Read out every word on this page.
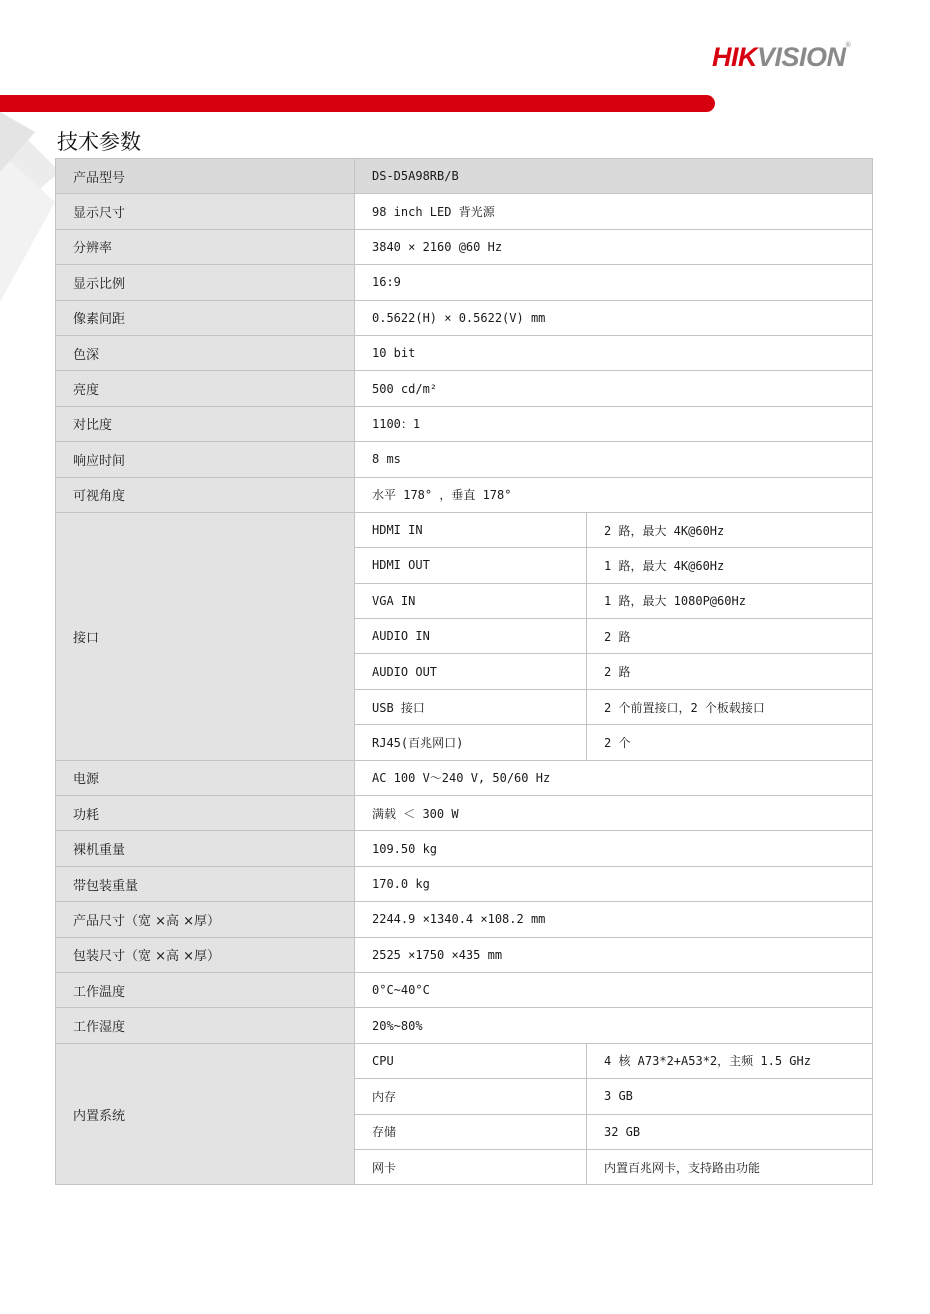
HIKVISION®
技术参数
产品型号	DS-D5A98RB/B	
显示尺寸	98 inch LED 背光源	
分辨率	3840 × 2160 @60 Hz	
显示比例	16:9	
像素间距	0.5622(H) × 0.5622(V) mm	
色深	10 bit	
亮度	500 cd/m²	
对比度	1100：1	
响应时间	8 ms	
可视角度	水平 178° ，垂直 178°	
接口	HDMI IN	2 路，最大 4K@60Hz
	HDMI OUT	1 路，最大 4K@60Hz
	VGA IN	1 路，最大 1080P@60Hz
	AUDIO IN	2 路
	AUDIO OUT	2 路
	USB 接口	2 个前置接口，2 个板载接口
	RJ45(百兆网口)	2 个
电源	AC 100 V～240 V, 50/60 Hz	
功耗	满载 ＜ 300 W	
裸机重量	109.50 kg	
带包装重量	170.0 kg	
产品尺寸（宽 ×高 ×厚）	2244.9 ×1340.4 ×108.2 mm	
包装尺寸（宽 ×高 ×厚）	2525 ×1750 ×435 mm	
工作温度	0°C~40°C	
工作湿度	20%~80%	
内置系统	CPU	4 核 A73*2+A53*2，主频 1.5 GHz
	内存	3 GB
	存储	32 GB
	网卡	内置百兆网卡，支持路由功能
